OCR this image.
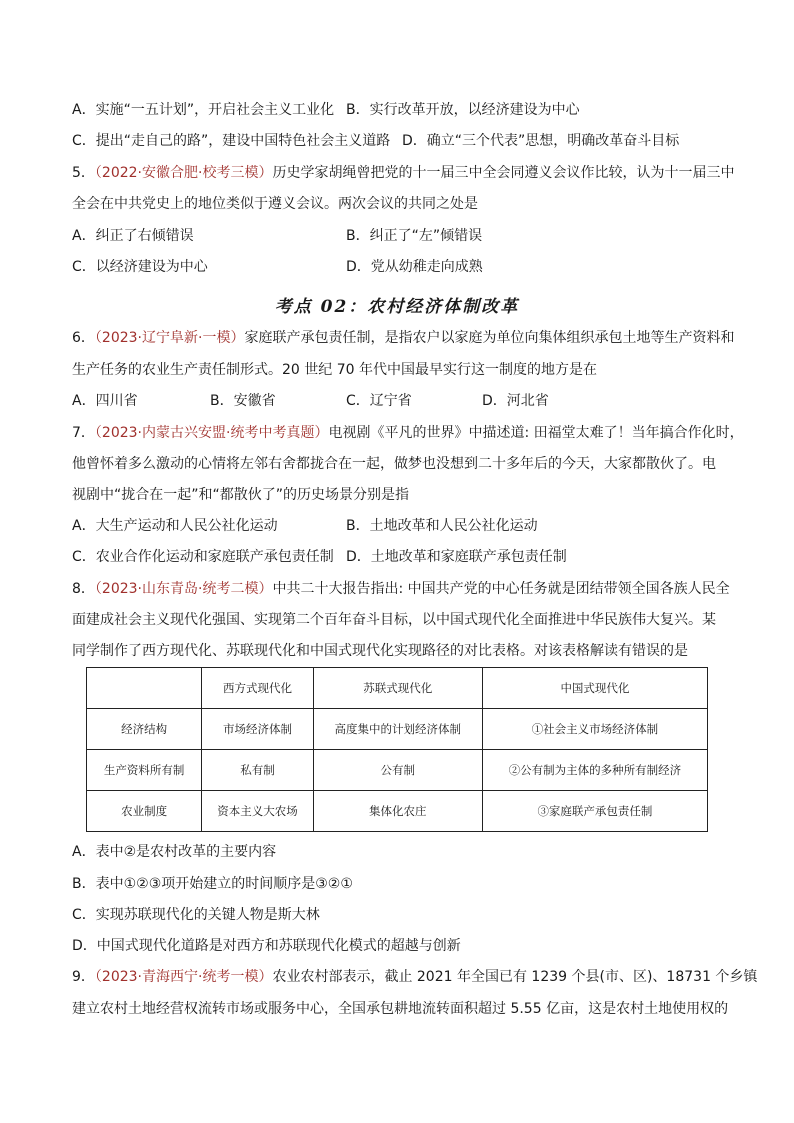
A．实施“一五计划”，开启社会主义工业化 B．实行改革开放，以经济建设为中心
C．提出“走自己的路”，建设中国特色社会主义道路 D．确立“三个代表”思想，明确改革奋斗目标
5．（2022·安徽合肥·校考三模）历史学家胡绳曾把党的十一届三中全会同遵义会议作比较，认为十一届三中
全会在中共党史上的地位类似于遵义会议。两次会议的共同之处是
A．纠正了右倾错误	B．纠正了“左”倾错误
C．以经济建设为中心	D．党从幼稚走向成熟
考点 02：农村经济体制改革
6．（2023·辽宁阜新·一模）家庭联产承包责任制，是指农户以家庭为单位向集体组织承包土地等生产资料和
生产任务的农业生产责任制形式。20 世纪 70 年代中国最早实行这一制度的地方是在
A．四川省	B．安徽省	C．辽宁省	D．河北省
7．（2023·内蒙古兴安盟·统考中考真题）电视剧《平凡的世界》中描述道: 田福堂太难了！当年搞合作化时，
他曾怀着多么激动的心情将左邻右舍都拢合在一起，做梦也没想到二十多年后的今天，大家都散伙了。电
视剧中“拢合在一起”和“都散伙了”的历史场景分别是指
A．大生产运动和人民公社化运动	B．土地改革和人民公社化运动
C．农业合作化运动和家庭联产承包责任制 D．土地改革和家庭联产承包责任制
8．（2023·山东青岛·统考二模）中共二十大报告指出: 中国共产党的中心任务就是团结带领全国各族人民全
面建成社会主义现代化强国、实现第二个百年奋斗目标，以中国式现代化全面推进中华民族伟大复兴。某
同学制作了西方现代化、苏联现代化和中国式现代化实现路径的对比表格。对该表格解读有错误的是
	西方式现代化	苏联式现代化	中国式现代化
经济结构	市场经济体制	高度集中的计划经济体制	①社会主义市场经济体制
生产资料所有制	私有制	公有制	②公有制为主体的多种所有制经济
农业制度	资本主义大农场	集体化农庄	③家庭联产承包责任制
A．表中②是农村改革的主要内容
B．表中①②③项开始建立的时间顺序是③②①
C．实现苏联现代化的关键人物是斯大林
D．中国式现代化道路是对西方和苏联现代化模式的超越与创新
9．（2023·青海西宁·统考一模）农业农村部表示，截止 2021 年全国已有 1239 个县(市、区)、18731 个乡镇
建立农村土地经营权流转市场或服务中心，全国承包耕地流转面积超过 5.55 亿亩，这是农村土地使用权的
